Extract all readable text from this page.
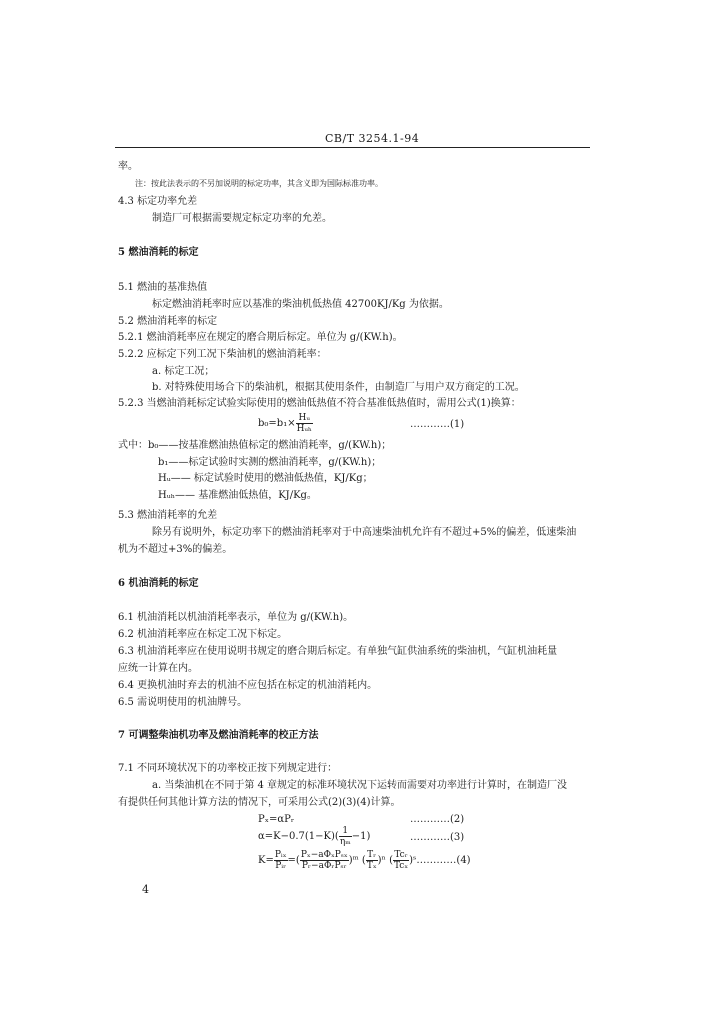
CB/T 3254.1-94
率。
注：按此法表示的不另加说明的标定功率，其含义即为国际标准功率。
4.3 标定功率允差
制造厂可根据需要规定标定功率的允差。
5 燃油消耗的标定
5.1 燃油的基准热值
标定燃油消耗率时应以基准的柴油机低热值 42700KJ/Kg 为依据。
5.2 燃油消耗率的标定
5.2.1 燃油消耗率应在规定的磨合期后标定。单位为 g/(KW.h)。
5.2.2 应标定下列工况下柴油机的燃油消耗率：
a. 标定工况；
b. 对特殊使用场合下的柴油机，根据其使用条件，由制造厂与用户双方商定的工况。
5.2.3 当燃油消耗标定试验实际使用的燃油低热值不符合基准低热值时，需用公式(1)换算：
$b_0=b_1\times \frac{\text{Hᵤ}}{\text{Hᵤₕ}}$	…………(1)
式中：b₀——按基准燃油热值标定的燃油消耗率，g/(KW.h)；
b₁——标定试验时实测的燃油消耗率，g/(KW.h)；
Hᵤ—— 标定试验时使用的燃油低热值，KJ/Kg；
Hᵤₕ—— 基准燃油低热值，KJ/Kg。
5.3 燃油消耗率的允差
除另有说明外，标定功率下的燃油消耗率对于中高速柴油机允许有不超过+5%的偏差，低速柴油
机为不超过+3%的偏差。
6 机油消耗的标定
6.1 机油消耗以机油消耗率表示，单位为 g/(KW.h)。
6.2 机油消耗率应在标定工况下标定。
6.3 机油消耗率应在使用说明书规定的磨合期后标定。有单独气缸供油系统的柴油机，气缸机油耗量
应统一计算在内。
6.4 更换机油时弃去的机油不应包括在标定的机油消耗内。
6.5 需说明使用的机油牌号。
7 可调整柴油机功率及燃油消耗率的校正方法
7.1 不同环境状况下的功率校正按下列规定进行：
a. 当柴油机在不同于第 4 章规定的标准环境状况下运转而需要对功率进行计算时，在制造厂没
有提供任何其他计算方法的情况下，可采用公式(2)(3)(4)计算。
Pₓ=αPᵣ	…………(2)
$\alpha=K-0.7(1-K)( \frac{1}{\text{ηₘ}} -1)$	…………(3)
$K= \frac{\text{Pᵢₓ}}{\text{Pᵢᵣ}}$ =( $\frac{\text{Pₓ−aΦₓPₛₓ}}{\text{Pᵣ−aΦᵣPₛᵣ}}$ )ᵐ ( $\frac{\text{Tᵣ}}{\text{Tₓ}} )^n$ ( $\frac{\text{Tcᵣ}}{\text{Tcₓ}}$ )ˢ…………(4)
4
